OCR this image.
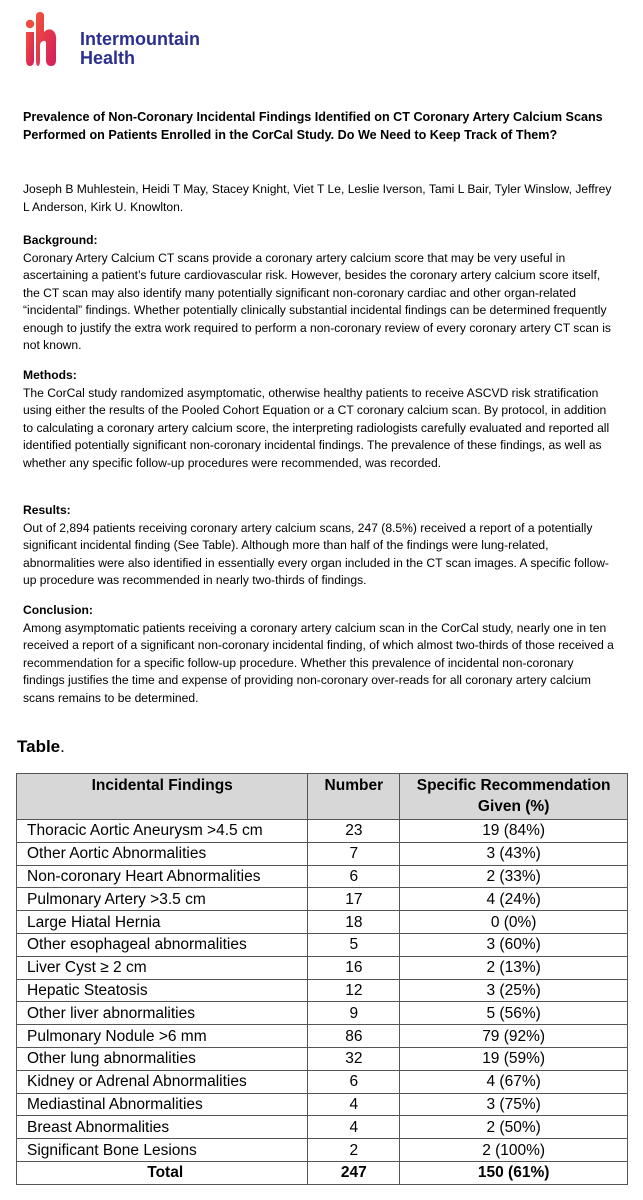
Intermountain
Health
Prevalence of Non-Coronary Incidental Findings Identified on CT Coronary Artery Calcium Scans Performed on Patients Enrolled in the CorCal Study. Do We Need to Keep Track of Them?
Joseph B Muhlestein, Heidi T May, Stacey Knight, Viet T Le, Leslie Iverson, Tami L Bair, Tyler Winslow, Jeffrey L Anderson, Kirk U. Knowlton.
Background:
Coronary Artery Calcium CT scans provide a coronary artery calcium score that may be very useful in ascertaining a patient’s future cardiovascular risk. However, besides the coronary artery calcium score itself, the CT scan may also identify many potentially significant non-coronary cardiac and other organ-related “incidental” findings. Whether potentially clinically substantial incidental findings can be determined frequently enough to justify the extra work required to perform a non-coronary review of every coronary artery CT scan is not known.
Methods:
The CorCal study randomized asymptomatic, otherwise healthy patients to receive ASCVD risk stratification using either the results of the Pooled Cohort Equation or a CT coronary calcium scan. By protocol, in addition to calculating a coronary artery calcium score, the interpreting radiologists carefully evaluated and reported all identified potentially significant non-coronary incidental findings. The prevalence of these findings, as well as whether any specific follow-up procedures were recommended, was recorded.
Results:
Out of 2,894 patients receiving coronary artery calcium scans, 247 (8.5%) received a report of a potentially significant incidental finding (See Table). Although more than half of the findings were lung-related, abnormalities were also identified in essentially every organ included in the CT scan images. A specific follow-up procedure was recommended in nearly two-thirds of findings.
Conclusion:
Among asymptomatic patients receiving a coronary artery calcium scan in the CorCal study, nearly one in ten received a report of a significant non-coronary incidental finding, of which almost two-thirds of those received a recommendation for a specific follow-up procedure. Whether this prevalence of incidental non-coronary findings justifies the time and expense of providing non-coronary over-reads for all coronary artery calcium scans remains to be determined.
Table.
Incidental Findings	Number	Specific Recommendation Given (%)
Thoracic Aortic Aneurysm >4.5 cm	23	19 (84%)
Other Aortic Abnormalities	7	3 (43%)
Non-coronary Heart Abnormalities	6	2 (33%)
Pulmonary Artery >3.5 cm	17	4 (24%)
Large Hiatal Hernia	18	0 (0%)
Other esophageal abnormalities	5	3 (60%)
Liver Cyst ≥ 2 cm	16	2 (13%)
Hepatic Steatosis	12	3 (25%)
Other liver abnormalities	9	5 (56%)
Pulmonary Nodule >6 mm	86	79 (92%)
Other lung abnormalities	32	19 (59%)
Kidney or Adrenal Abnormalities	6	4 (67%)
Mediastinal Abnormalities	4	3 (75%)
Breast Abnormalities	4	2 (50%)
Significant Bone Lesions	2	2 (100%)
Total	247	150 (61%)
